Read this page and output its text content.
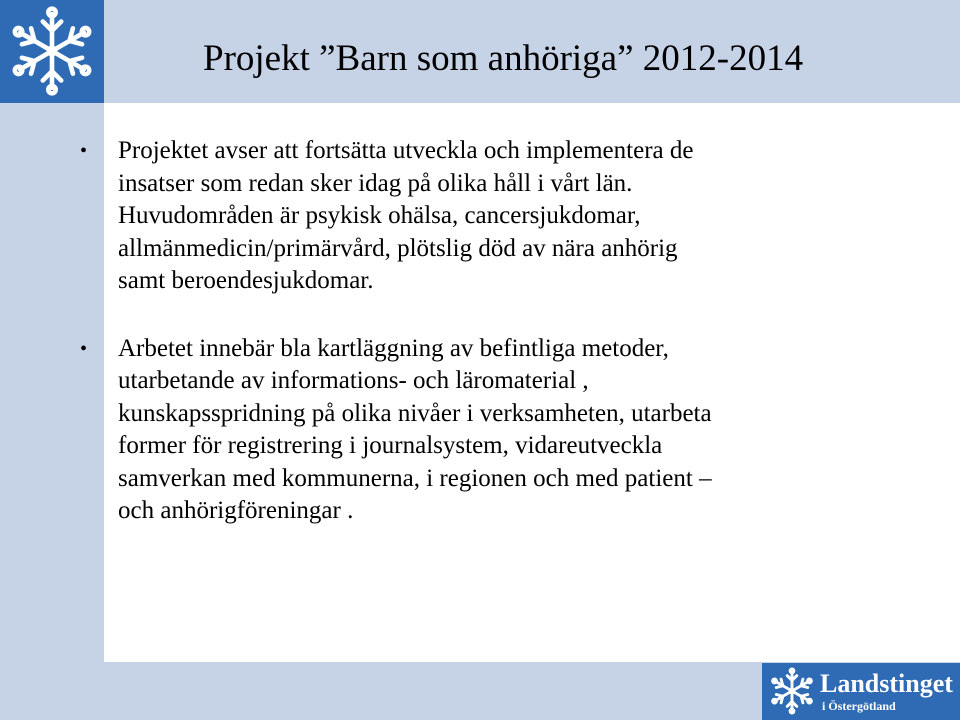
Projekt ”Barn som anhöriga” 2012-2014
•	Projektet avser att fortsätta utveckla och implementera de
insatser som redan sker idag på olika håll i vårt län.
Huvudområden är psykisk ohälsa, cancersjukdomar,
allmänmedicin/primärvård, plötslig död av nära anhörig
samt beroendesjukdomar.
•	Arbetet innebär bla kartläggning av befintliga metoder,
utarbetande av informations- och läromaterial ,
kunskapsspridning på olika nivåer i verksamheten, utarbeta
former för registrering i journalsystem, vidareutveckla
samverkan med kommunerna, i regionen och med patient –
och anhörigföreningar .
Landstinget
i Östergötland
